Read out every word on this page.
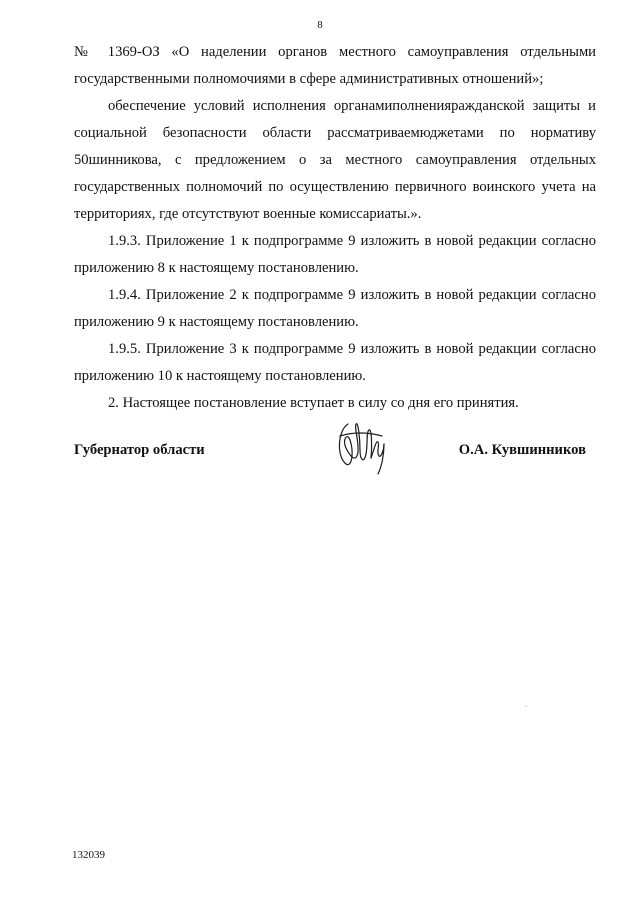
8

№ 1369-ОЗ «О наделении органов местного самоуправления отдельными государственными полномочиями в сфере административных отношений»;

обеспечение условий исполнения органамиполненияражданской защиты и социальной безопасности области рассматриваемюджетами по нормативу 50шинникова, с предложением о за местного самоуправления отдельных государственных полномочий по осуществлению первичного воинского учета на территориях, где отсутствуют военные комиссариаты.».

1.9.3. Приложение 1 к подпрограмме 9 изложить в новой редакции согласно приложению 8 к настоящему постановлению.

1.9.4. Приложение 2 к подпрограмме 9 изложить в новой редакции согласно приложению 9 к настоящему постановлению.

1.9.5. Приложение 3 к подпрограмме 9 изложить в новой редакции согласно приложению 10 к настоящему постановлению.

2. Настоящее постановление вступает в силу со дня его принятия.

Губернатор области	О.А. Кувшинников
132039
